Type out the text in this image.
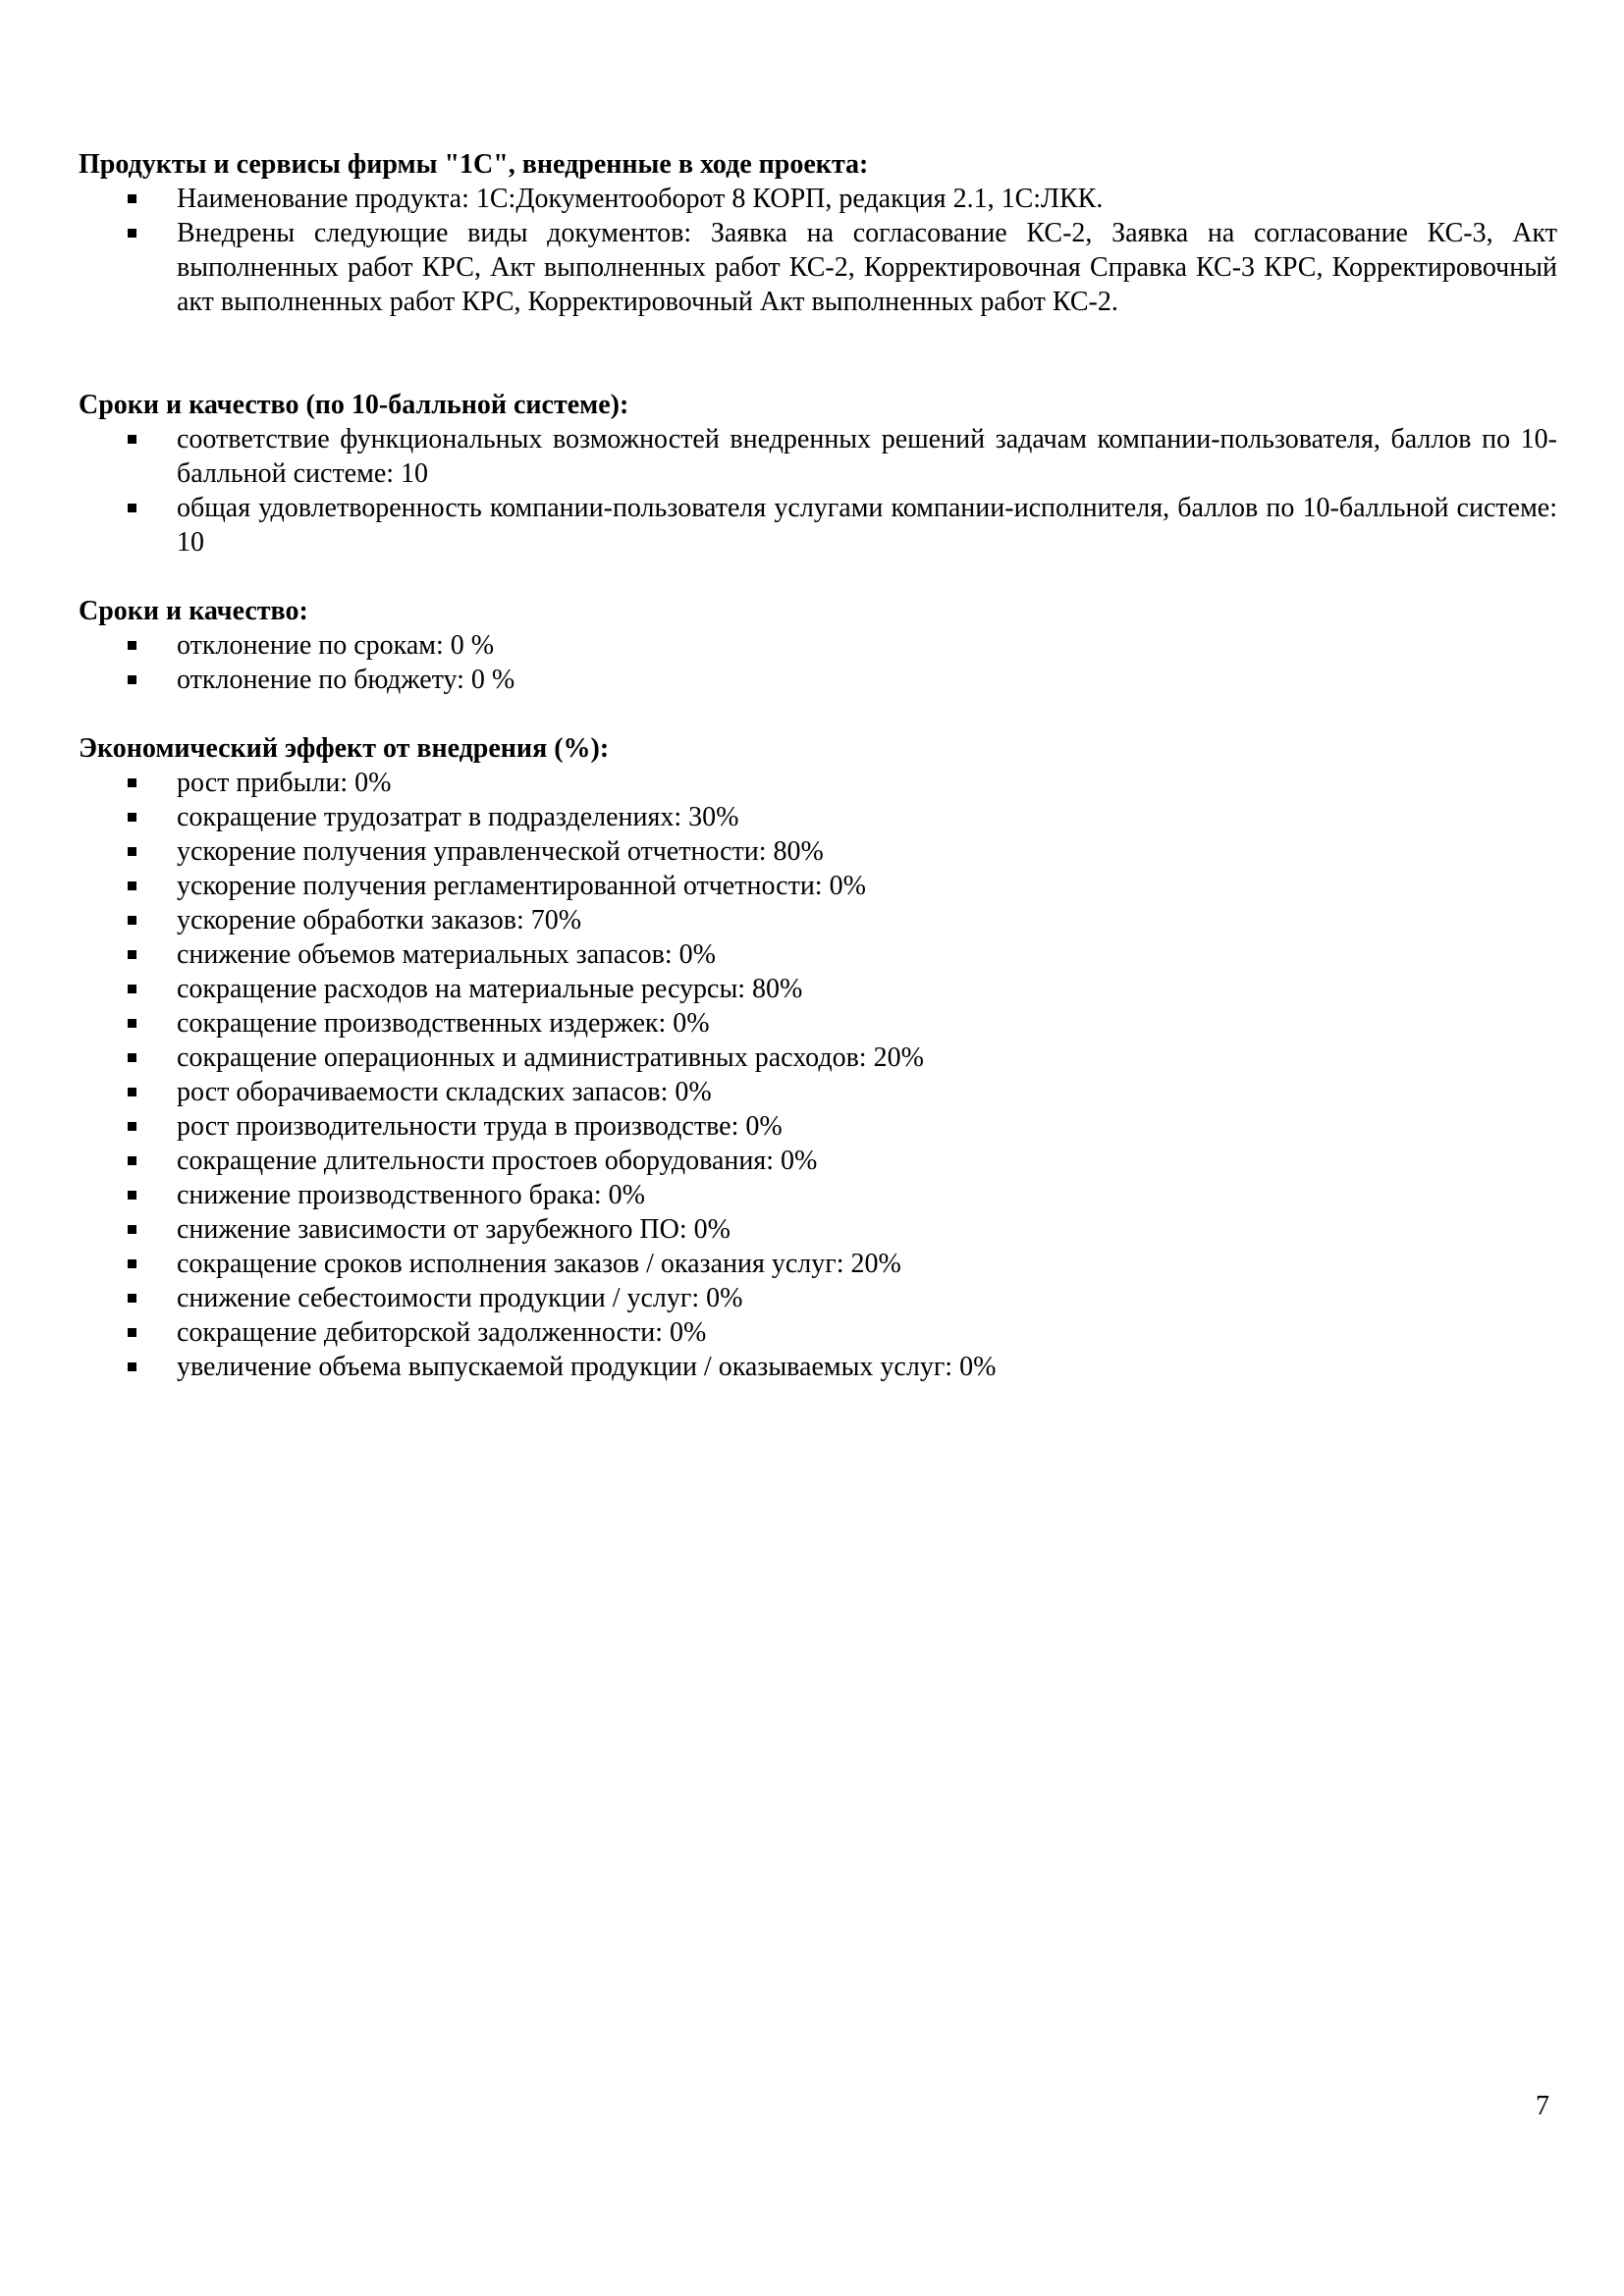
Продукты и сервисы фирмы "1С", внедренные в ходе проекта:

Наименование продукта: 1С:Документооборот 8 КОРП, редакция 2.1, 1С:ЛКК.
Внедрены следующие виды документов: Заявка на согласование КС-2, Заявка на согласование КС-3, Акт выполненных работ КРС, Акт выполненных работ КС-2, Корректировочная Справка КС-3 КРС, Корректировочный акт выполненных работ КРС, Корректировочный Акт выполненных работ КС-2.

Сроки и качество (по 10-балльной системе):

соответствие функциональных возможностей внедренных решений задачам компании-пользователя, баллов по 10-балльной системе: 10
общая удовлетворенность компании-пользователя услугами компании-исполнителя, баллов по 10-балльной системе: 10

Сроки и качество:

отклонение по срокам: 0 %
отклонение по бюджету: 0 %

Экономический эффект от внедрения (%):

рост прибыли: 0%
сокращение трудозатрат в подразделениях: 30%
ускорение получения управленческой отчетности: 80%
ускорение получения регламентированной отчетности: 0%
ускорение обработки заказов: 70%
снижение объемов материальных запасов: 0%
сокращение расходов на материальные ресурсы: 80%
сокращение производственных издержек: 0%
сокращение операционных и административных расходов: 20%
рост оборачиваемости складских запасов: 0%
рост производительности труда в производстве: 0%
сокращение длительности простоев оборудования: 0%
снижение производственного брака: 0%
снижение зависимости от зарубежного ПО: 0%
сокращение сроков исполнения заказов / оказания услуг: 20%
снижение себестоимости продукции / услуг: 0%
сокращение дебиторской задолженности: 0%
увеличение объема выпускаемой продукции / оказываемых услуг: 0%
7
